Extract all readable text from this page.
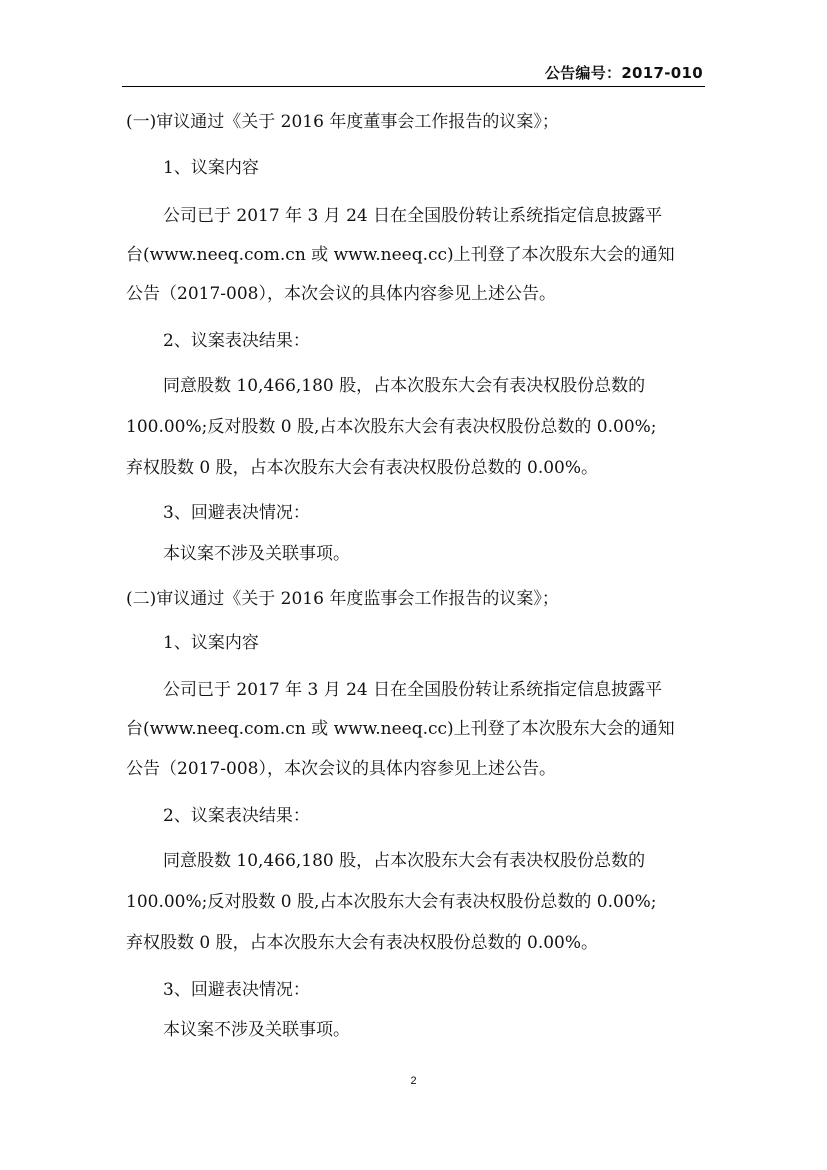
公告编号：2017-010
(一)审议通过《关于 2016 年度董事会工作报告的议案》；
1、议案内容
公司已于 2017 年 3 月 24 日在全国股份转让系统指定信息披露平
台(www.neeq.com.cn 或 www.neeq.cc)上刊登了本次股东大会的通知
公告（2017-008），本次会议的具体内容参见上述公告。
2、议案表决结果：
同意股数 10,466,180 股，占本次股东大会有表决权股份总数的
100.00%;反对股数 0 股,占本次股东大会有表决权股份总数的 0.00%;
弃权股数 0 股，占本次股东大会有表决权股份总数的 0.00%。
3、回避表决情况：
本议案不涉及关联事项。
(二)审议通过《关于 2016 年度监事会工作报告的议案》；
1、议案内容
公司已于 2017 年 3 月 24 日在全国股份转让系统指定信息披露平
台(www.neeq.com.cn 或 www.neeq.cc)上刊登了本次股东大会的通知
公告（2017-008），本次会议的具体内容参见上述公告。
2、议案表决结果：
同意股数 10,466,180 股，占本次股东大会有表决权股份总数的
100.00%;反对股数 0 股,占本次股东大会有表决权股份总数的 0.00%;
弃权股数 0 股，占本次股东大会有表决权股份总数的 0.00%。
3、回避表决情况：
本议案不涉及关联事项。
2
